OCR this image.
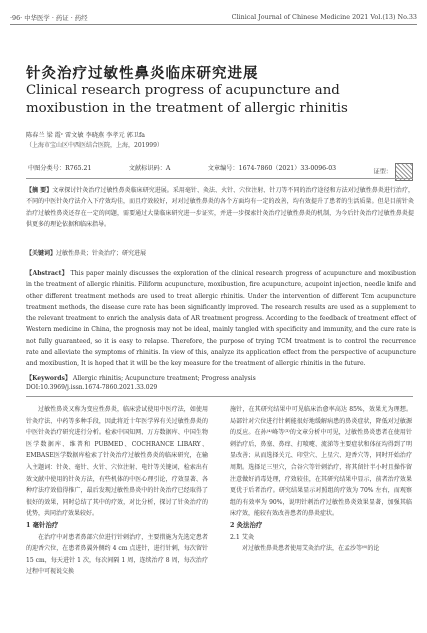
·96· 中华医学 · 药证 · 药经	Clinical Journal of Chinese Medicine 2021 Vol.(13) No.33
针灸治疗过敏性鼻炎临床研究进展
Clinical research progress of acupuncture and moxibustion in the treatment of allergic rhinitis
陈春兰 梁 霞ᶜ 雷文敏 李晓燕 李孝元 郭卫fa
（上海市宝山区中西医结合医院，上海，201999）
中图分类号：R765.21	文献标识码：A	文章编号：1674-7860（2021）33-0096-03	证型：
【摘 要】文章探讨针灸治疗过敏性鼻炎临床研究进展。采用毫针、灸法、火针、穴位注射、针刀等不同的治疗途径和方法对过敏性鼻炎进行治疗，不同的中医针灸疗法介入下疗效均佳，而且疗效较好，对对过敏性鼻炎的各个方面均有一定的改善，均有效提升了患者的生活质量。但是目前针灸治疗过敏性鼻炎还存在一定的问题，需要通过大量临床研究进一步证实，并进一步探索针灸治疗过敏性鼻炎的机制，为今后针灸治疗过敏性鼻炎提供更多的理论依据和临床指导。
【关键词】过敏性鼻炎；针灸治疗；研究进展
【Abstract】 This paper mainly discusses the exploration of the clinical research progress of acupuncture and moxibustion in the treatment of allergic rhinitis. Filiform acupuncture, moxibustion, fire acupuncture, acupoint injection, needle knife and other different treatment methods are used to treat allergic rhinitis. Under the intervention of different Tcm acupuncture treatment methods, the disease cure rate has been significantly improved. The research results are used as a supplement to the relevant treatment to enrich the analysis data of AR treatment progress. According to the feedback of treatment effect of Western medicine in China, the prognosis may not be ideal, mainly tangled with specificity and immunity, and the cure rate is not fully guaranteed, so it is easy to relapse. Therefore, the purpose of trying TCM treatment is to control the recurrence rate and alleviate the symptoms of rhinitis. In view of this, analyze its application effect from the perspective of acupuncture and moxibustion, It is hoped that it will be the key measure for the treatment of allergic rhinitis in the future.
【Keywords】 Allergic rhinitis; Acupuncture treatment; Progress analysis
DOI:10.3969/j.issn.1674-7860.2021.33.029

过敏性鼻炎又称为变应性鼻炎，临床尝试使用中医疗法，如使用针灸疗法、中药等多种手段，因此将近十年医学界有关过敏性鼻炎的中医针灸治疗研究进行分析。检索中国知网、万方数据库、中国生物医学数据库、维普和 PUBMED、COCHRANCE LIBARY、EMBASE医学数据库检索了针灸治疗过敏性鼻炎的临床研究，在输入主题词：针灸、毫针、火针、穴位注射、电针等关键词，检索出有效文献中使用的针灸方法，有些机体的中医心理引论，疗效显著、各种疗法疗效值得推广，最后发现过敏性鼻炎中的针灸治疗已经取得了很好的效果，同时总结了其中的疗效，对比分析，探讨了针灸治疗的优势，共同治疗效果较好。

1 毫针治疗

在治疗中对患者鼻部穴位进行针刺治疗，主要措施为先选定患者的迎香穴位，在患者鼻翼外侧约 4 cm 点进针，进行针刺，每次留针 15 cm，每天进针 1 次，每次间隔 1 周，连续治疗 8 周，每次治疗过程中可视说交换

施针，在其研究结果中可见临床治愈率高达 85%，效果尤为理想。局部针对穴位进行针刺能很好地缓解病患的鼻炎症状，降低对过敏源的反应。在孙⁽⁴⁾峰等⁽³⁾的文章分析中可见，过敏性鼻炎患者在使用针刺治疗后，鼻塞、鼻痒、打喷嚏、流涕等主要症状和体征均得到了明显改善；从而选择关元、印堂穴、上星穴、迎香穴等，同时开始治疗周期。选择足三里穴，合谷穴等针刺治疗，将其留针半小时且操作留注意做好消毒处理，疗效较佳，在其研究结果中显示，前者治疗效果更优于后者治疗。研究结果显示对照组的疗效为 70% 左右，而观察组的有效率为 90%，说明针刺治疗过敏性鼻炎效果显著，加强其临床疗效，能较有效改善患者的鼻炎症状。

2 灸法治疗

2.1 艾灸

对过敏性鼻炎患者使用艾灸治疗法，在孟沙等⁽⁶⁾的论
